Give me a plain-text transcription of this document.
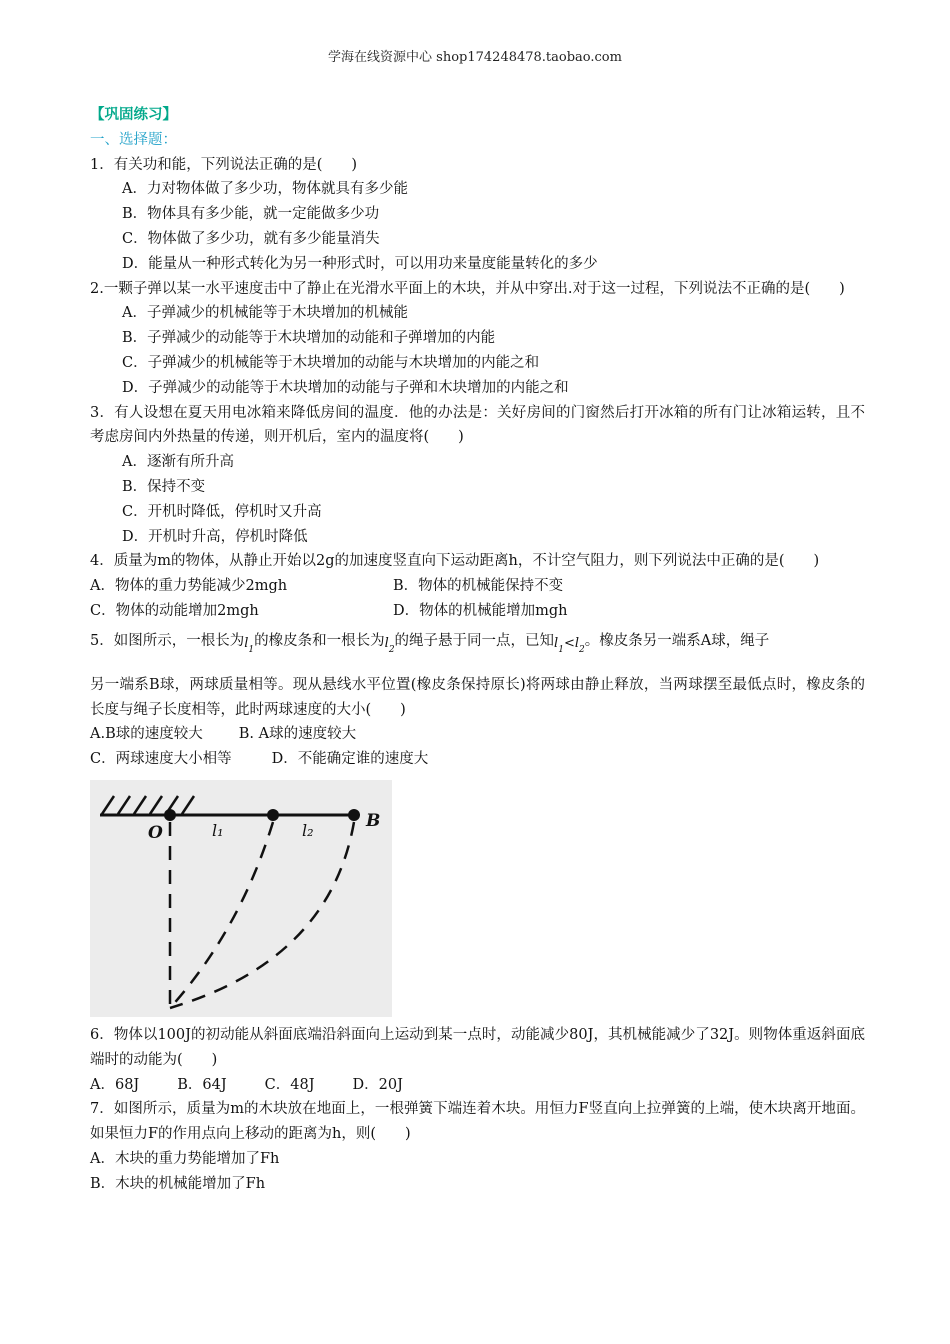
学海在线资源中心 shop174248478.taobao.com
【巩固练习】
一、选择题：
1．有关功和能，下列说法正确的是(　　)
A．力对物体做了多少功，物体就具有多少能
B．物体具有多少能，就一定能做多少功
C．物体做了多少功，就有多少能量消失
D．能量从一种形式转化为另一种形式时，可以用功来量度能量转化的多少
2.一颗子弹以某一水平速度击中了静止在光滑水平面上的木块，并从中穿出.对于这一过程，下列说法不正确的是(　　)
A．子弹减少的机械能等于木块增加的机械能
B．子弹减少的动能等于木块增加的动能和子弹增加的内能
C．子弹减少的机械能等于木块增加的动能与木块增加的内能之和
D．子弹减少的动能等于木块增加的动能与子弹和木块增加的内能之和
3．有人设想在夏天用电冰箱来降低房间的温度．他的办法是：关好房间的门窗然后打开冰箱的所有门让冰箱运转，且不考虑房间内外热量的传递，则开机后，室内的温度将(　　)
A．逐渐有所升高
B．保持不变
C．开机时降低，停机时又升高
D．开机时升高，停机时降低
4．质量为m的物体，从静止开始以2g的加速度竖直向下运动距离h，不计空气阻力，则下列说法中正确的是(　　)
A．物体的重力势能减少2mgh	B．物体的机械能保持不变
C．物体的动能增加2mgh	D．物体的机械能增加mgh
5．如图所示，一根长为$l_1$的橡皮条和一根长为$l_2$的绳子悬于同一点，已知$l_1<l_2$。橡皮条另一端系A球，绳子
另一端系B球，两球质量相等。现从悬线水平位置(橡皮条保持原长)将两球由静止释放，当两球摆至最低点时，橡皮条的长度与绳子长度相等，此时两球速度的大小(　　)
A.B球的速度较大 B. A球的速度较大
C．两球速度大小相等	D．不能确定谁的速度大
O	l₁	l₂	B
6．物体以100J的初动能从斜面底端沿斜面向上运动到某一点时，动能减少80J，其机械能减少了32J。则物体重返斜面底端时的动能为(　　)
A．68J	B．64J	C．48J	D．20J
7．如图所示，质量为m的木块放在地面上，一根弹簧下端连着木块。用恒力F竖直向上拉弹簧的上端，使木块离开地面。如果恒力F的作用点向上移动的距离为h，则(　　)
A．木块的重力势能增加了Fh
B．木块的机械能增加了Fh
